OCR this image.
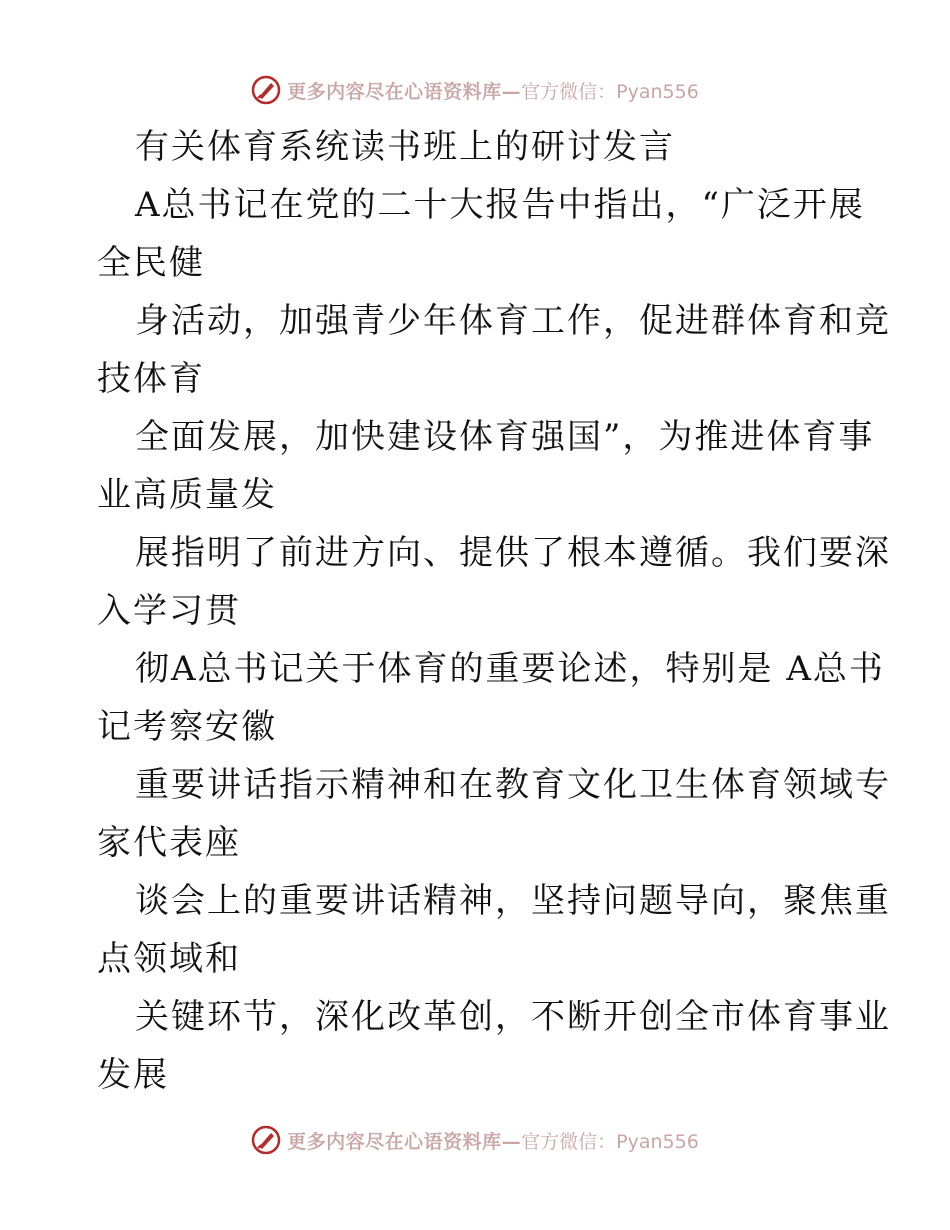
更多内容尽在心语资料库— 官方微信：Pyan556
有关体育系统读书班上的研讨发言
A总书记在党的二十大报告中指出，“广泛开展
全民健
身活动，加强青少年体育工作，促进群体育和竞
技体育
全面发展，加快建设体育强国”，为推进体育事
业高质量发
展指明了前进方向、提供了根本遵循。我们要深
入学习贯
彻A总书记关于体育的重要论述，特别是 A总书
记考察安徽
重要讲话指示精神和在教育文化卫生体育领域专
家代表座
谈会上的重要讲话精神，坚持问题导向，聚焦重
点领域和
关键环节，深化改革创，不断开创全市体育事业
发展
更多内容尽在心语资料库— 官方微信：Pyan556
